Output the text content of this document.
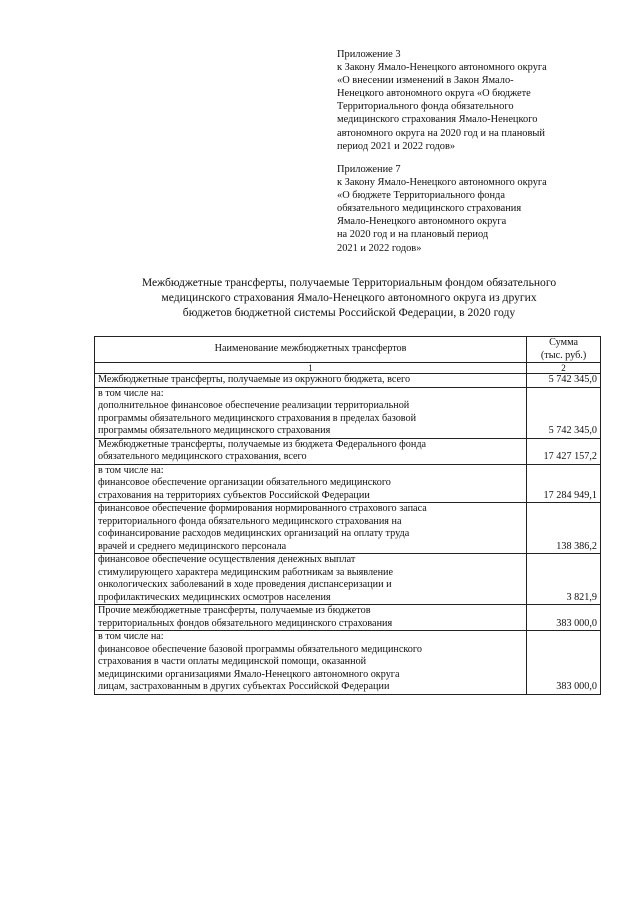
Приложение 3

к Закону Ямало-Ненецкого автономного округа

«О внесении изменений в Закон Ямало-

Ненецкого автономного округа «О бюджете

Территориального фонда обязательного

медицинского страхования Ямало-Ненецкого

автономного округа на 2020 год и на плановый

период 2021 и 2022 годов»

Приложение 7

к Закону Ямало-Ненецкого автономного округа

«О бюджете Территориального фонда

обязательного медицинского страхования

Ямало-Ненецкого автономного округа

на 2020 год и на плановый период

2021 и 2022 годов»

Межбюджетные трансферты, получаемые Территориальным фондом обязательного

медицинского страхования Ямало-Ненецкого автономного округа из других

бюджетов бюджетной системы Российской Федерации, в 2020 году

Наименование межбюджетных трансфертов	Сумма
(тыс. руб.)

1	2

Межбюджетные трансферты, получаемые из окружного бюджета, всего	5 742 345,0

в том числе на:
дополнительное финансовое обеспечение реализации территориальной
программы обязательного медицинского страхования в пределах базовой
программы обязательного медицинского страхования	5 742 345,0

Межбюджетные трансферты, получаемые из бюджета Федерального фонда
обязательного медицинского страхования, всего	17 427 157,2

в том числе на:
финансовое обеспечение организации обязательного медицинского
страхования на территориях субъектов Российской Федерации	17 284 949,1

финансовое обеспечение формирования нормированного страхового запаса
территориального фонда обязательного медицинского страхования на
софинансирование расходов медицинских организаций на оплату труда
врачей и среднего медицинского персонала	138 386,2

финансовое обеспечение осуществления денежных выплат
стимулирующего характера медицинским работникам за выявление
онкологических заболеваний в ходе проведения диспансеризации и
профилактических медицинских осмотров населения	3 821,9

Прочие межбюджетные трансферты, получаемые из бюджетов
территориальных фондов обязательного медицинского страхования	383 000,0

в том числе на:
финансовое обеспечение базовой программы обязательного медицинского
страхования в части оплаты медицинской помощи, оказанной
медицинскими организациями Ямало-Ненецкого автономного округа
лицам, застрахованным в других субъектах Российской Федерации	383 000,0
